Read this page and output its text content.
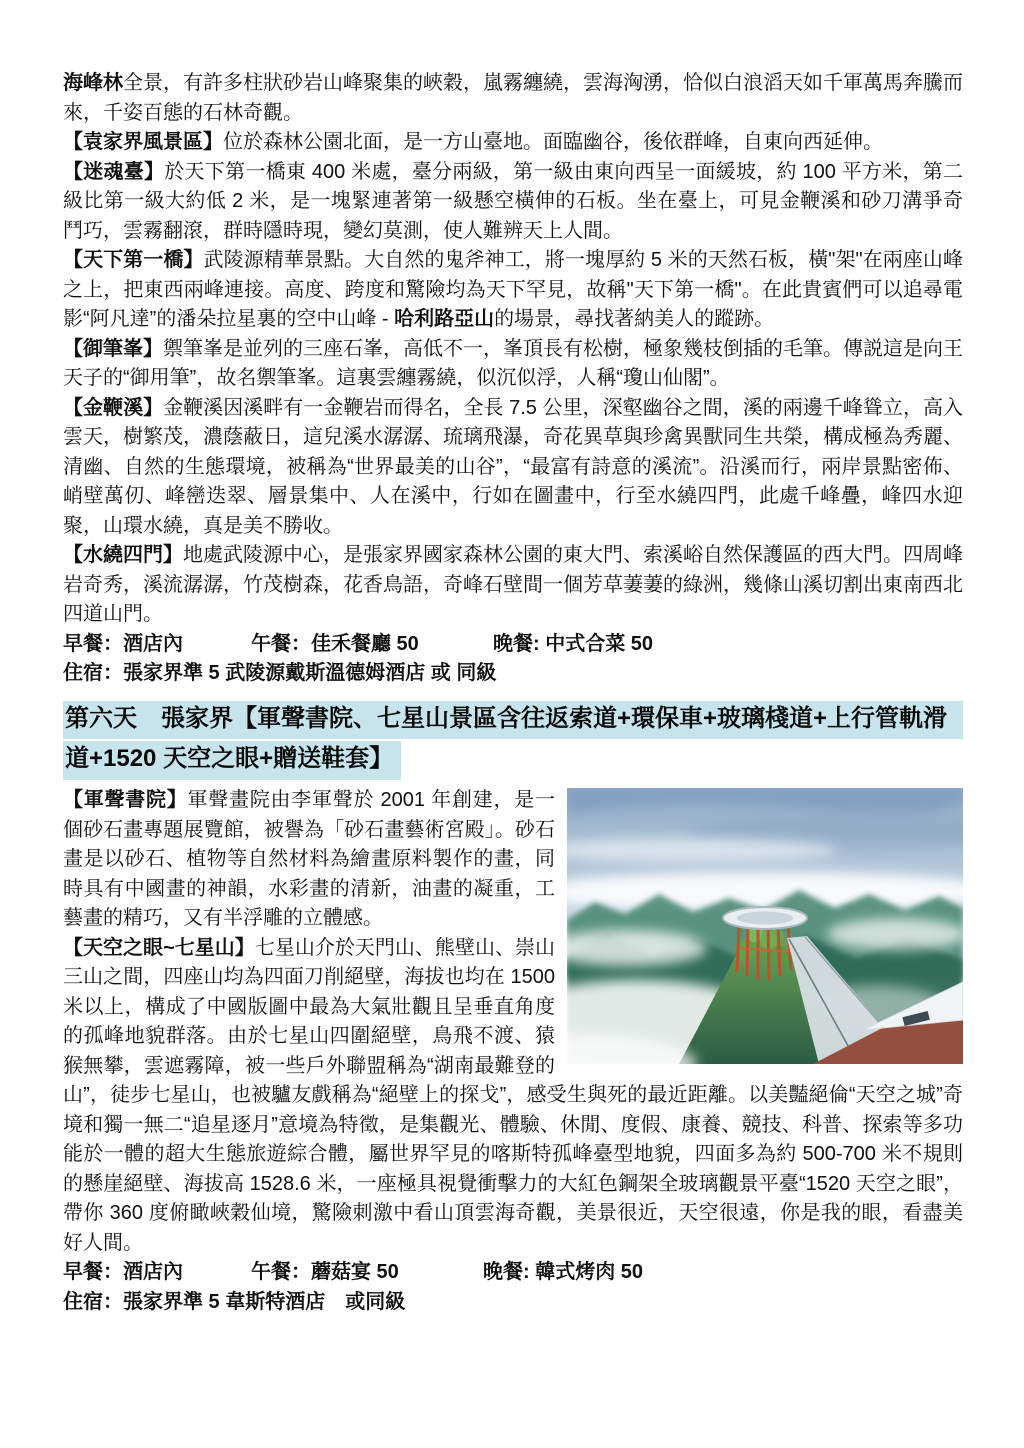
海峰林全景，有許多柱狀砂岩山峰聚集的峽穀，嵐霧纏繞，雲海洶湧，恰似白浪滔天如千軍萬馬奔騰而來，千姿百態的石林奇觀。

【袁家界風景區】位於森林公園北面，是一方山臺地。面臨幽谷，後依群峰，自東向西延伸。

【迷魂臺】於天下第一橋東 400 米處，臺分兩級，第一級由東向西呈一面緩坡，約 100 平方米，第二級比第一級大約低 2 米，是一塊緊連著第一級懸空橫伸的石板。坐在臺上，可見金鞭溪和砂刀溝爭奇鬥巧，雲霧翻滾，群時隱時現，變幻莫測，使人難辨天上人間。

【天下第一橋】武陵源精華景點。大自然的鬼斧神工，將一塊厚約 5 米的天然石板，橫"架"在兩座山峰之上，把東西兩峰連接。高度、跨度和驚險均為天下罕見，故稱"天下第一橋"。在此貴賓們可以追尋電影“阿凡達”的潘朵拉星裏的空中山峰 - 哈利路亞山的場景，尋找著納美人的蹤跡。

【御筆峯】禦筆峯是並列的三座石峯，高低不一，峯頂長有松樹，極象幾枝倒插的毛筆。傳説這是向王天子的“御用筆”，故名禦筆峯。這裏雲纏霧繞，似沉似浮，人稱“瓊山仙閣”。

【金鞭溪】金鞭溪因溪畔有一金鞭岩而得名，全長 7.5 公里，深壑幽谷之間，溪的兩邊千峰聳立，高入雲天，樹繁茂，濃蔭蔽日，這兒溪水潺潺、琉璃飛瀑，奇花異草與珍禽異獸同生共榮，構成極為秀麗、清幽、自然的生態環境，被稱為“世界最美的山谷”，“最富有詩意的溪流”。沿溪而行，兩岸景點密佈、峭壁萬仞、峰巒迭翠、層景集中、人在溪中，行如在圖畫中，行至水繞四門，此處千峰疊，峰四水迎聚，山環水繞，真是美不勝收。

【水繞四門】地處武陵源中心，是張家界國家森林公園的東大門、索溪峪自然保護區的西大門。四周峰岩奇秀，溪流潺潺，竹茂樹森，花香鳥語，奇峰石壁間一個芳草萋萋的綠洲，幾條山溪切割出東南西北四道山門。

早餐：酒店內	午餐：佳禾餐廳 50	晚餐: 中式合菜 50

住宿：張家界準 5 武陵源戴斯溫德姆酒店 或 同級

第六天　張家界【軍聲書院、七星山景區含往返索道+環保車+玻璃棧道+上行管軌滑
道+1520 天空之眼+贈送鞋套】

【軍聲書院】軍聲畫院由李軍聲於 2001 年創建，是一個砂石畫專題展覽館，被譽為「砂石畫藝術宮殿」。砂石畫是以砂石、植物等自然材料為繪畫原料製作的畫，同時具有中國畫的神韻，水彩畫的清新，油畫的凝重，工藝畫的精巧，又有半浮雕的立體感。

【天空之眼~七星山】七星山介於天門山、熊壁山、崇山三山之間，四座山均為四面刀削絕壁，海拔也均在 1500 米以上，構成了中國版圖中最為大氣壯觀且呈垂直角度的孤峰地貌群落。由於七星山四圍絕壁，鳥飛不渡、猿猴無攀，雲遮霧障，被一些戶外聯盟稱為“湖南最難登的山”，徒步七星山，也被驢友戲稱為“絕壁上的探戈”，感受生與死的最近距離。以美豔絕倫“天空之城”奇境和獨一無二“追星逐月”意境為特徵，是集觀光、體驗、休閒、度假、康養、競技、科普、探索等多功能於一體的超大生態旅遊綜合體，屬世界罕見的喀斯特孤峰臺型地貌，四面多為約 500-700 米不規則的懸崖絕壁、海拔高 1528.6 米，一座極具視覺衝擊力的大紅色鋼架全玻璃觀景平臺“1520 天空之眼”，帶你 360 度俯瞰峽穀仙境，驚險刺激中看山頂雲海奇觀，美景很近，天空很遠，你是我的眼，看盡美好人間。

早餐：酒店內	午餐：蘑菇宴 50	晚餐: 韓式烤肉 50

住宿：張家界準 5 韋斯特酒店　或同級
